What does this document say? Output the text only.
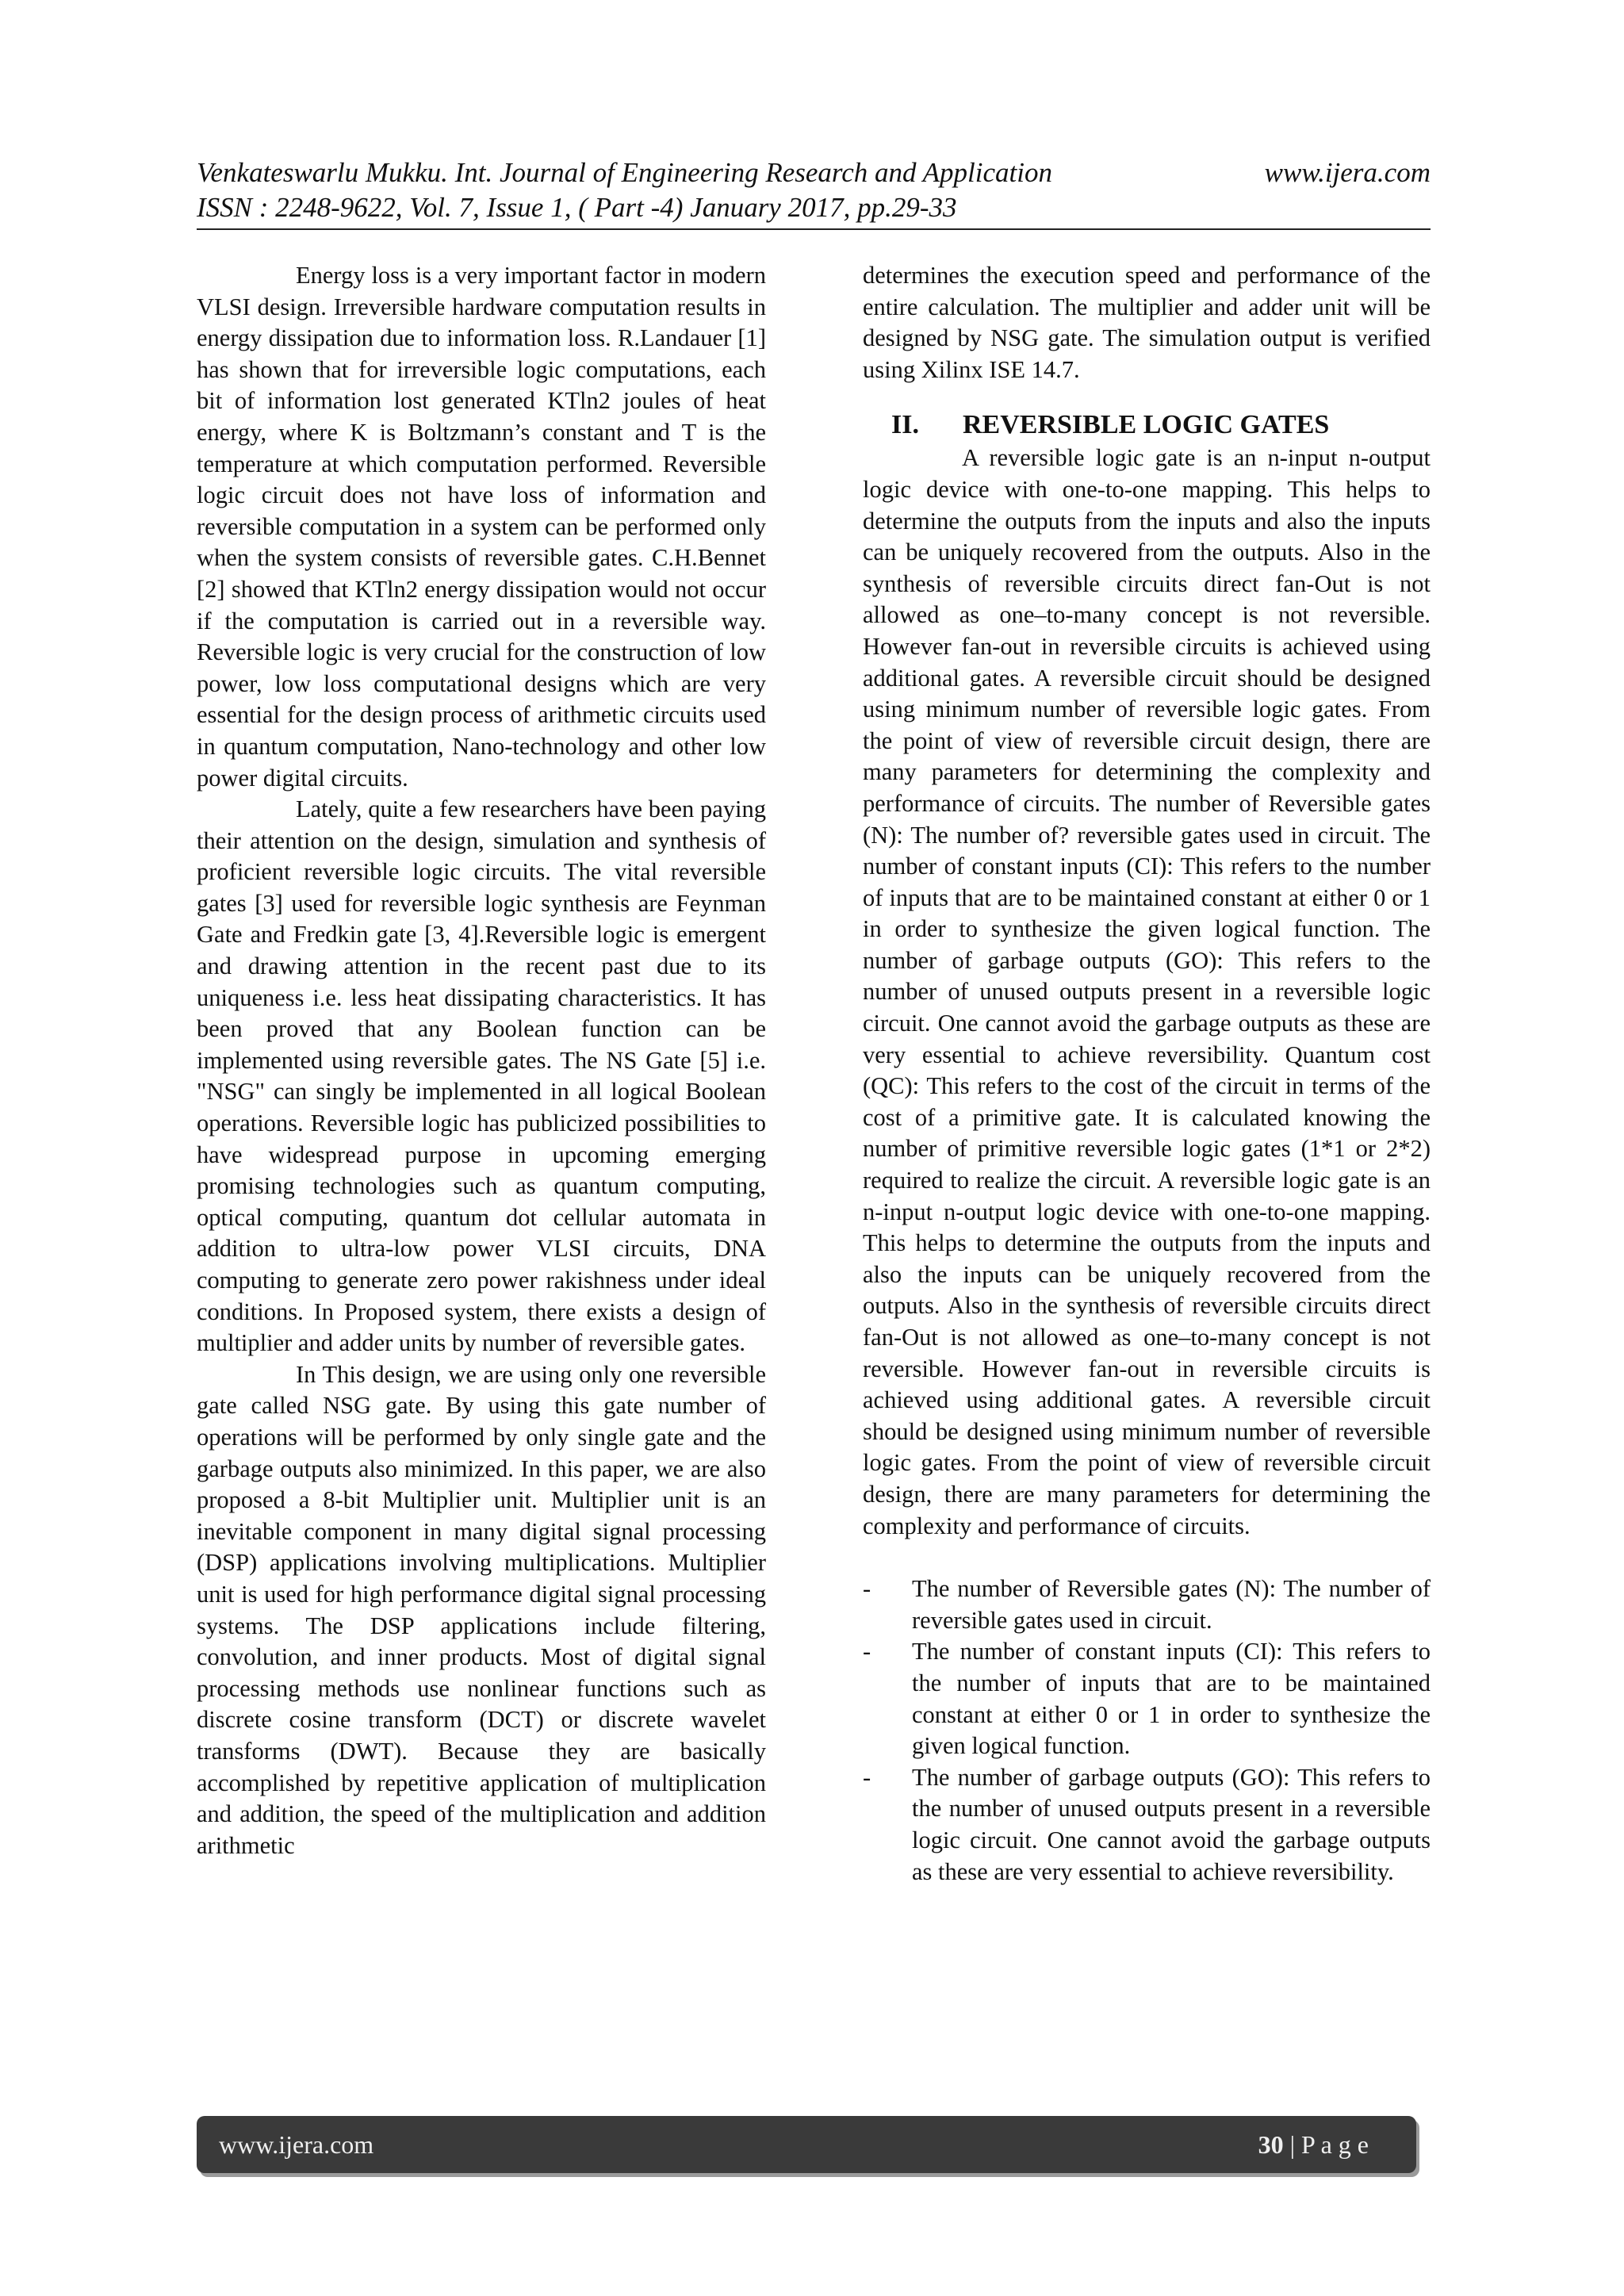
Venkateswarlu Mukku. Int. Journal of Engineering Research and Application	www.ijera.com
ISSN : 2248-9622, Vol. 7, Issue 1, ( Part -4) January 2017, pp.29-33

Energy loss is a very important factor in modern VLSI design. Irreversible hardware computation results in energy dissipation due to information loss. R.Landauer [1] has shown that for irreversible logic computations, each bit of information lost generated KTln2 joules of heat energy, where K is Boltzmann’s constant and T is the temperature at which computation performed. Reversible logic circuit does not have loss of information and reversible computation in a system can be performed only when the system consists of reversible gates. C.H.Bennet [2] showed that KTln2 energy dissipation would not occur if the computation is carried out in a reversible way. Reversible logic is very crucial for the construction of low power, low loss computational designs which are very essential for the design process of arithmetic circuits used in quantum computation, Nano-technology and other low power digital circuits.

Lately, quite a few researchers have been paying their attention on the design, simulation and synthesis of proficient reversible logic circuits. The vital reversible gates [3] used for reversible logic synthesis are Feynman Gate and Fredkin gate [3, 4].Reversible logic is emergent and drawing attention in the recent past due to its uniqueness i.e. less heat dissipating characteristics. It has been proved that any Boolean function can be implemented using reversible gates. The NS Gate [5] i.e. "NSG" can singly be implemented in all logical Boolean operations. Reversible logic has publicized possibilities to have widespread purpose in upcoming emerging promising technologies such as quantum computing, optical computing, quantum dot cellular automata in addition to ultra-low power VLSI circuits, DNA computing to generate zero power rakishness under ideal conditions. In Proposed system, there exists a design of multiplier and adder units by number of reversible gates.

In This design, we are using only one reversible gate called NSG gate. By using this gate number of operations will be performed by only single gate and the garbage outputs also minimized. In this paper, we are also proposed a 8-bit Multiplier unit. Multiplier unit is an inevitable component in many digital signal processing (DSP) applications involving multiplications. Multiplier unit is used for high performance digital signal processing systems. The DSP applications include filtering, convolution, and inner products. Most of digital signal processing methods use nonlinear functions such as discrete cosine transform (DCT) or discrete wavelet transforms (DWT). Because they are basically accomplished by repetitive application of multiplication and addition, the speed of the multiplication and addition arithmetic

determines the execution speed and performance of the entire calculation. The multiplier and adder unit will be designed by NSG gate. The simulation output is verified using Xilinx ISE 14.7.

II.	REVERSIBLE LOGIC GATES

A reversible logic gate is an n-input n-output logic device with one-to-one mapping. This helps to determine the outputs from the inputs and also the inputs can be uniquely recovered from the outputs. Also in the synthesis of reversible circuits direct fan-Out is not allowed as one–to-many concept is not reversible. However fan-out in reversible circuits is achieved using additional gates. A reversible circuit should be designed using minimum number of reversible logic gates. From the point of view of reversible circuit design, there are many parameters for determining the complexity and performance of circuits. The number of Reversible gates (N): The number of? reversible gates used in circuit. The number of constant inputs (CI): This refers to the number of inputs that are to be maintained constant at either 0 or 1 in order to synthesize the given logical function. The number of garbage outputs (GO): This refers to the number of unused outputs present in a reversible logic circuit. One cannot avoid the garbage outputs as these are very essential to achieve reversibility. Quantum cost (QC): This refers to the cost of the circuit in terms of the cost of a primitive gate. It is calculated knowing the number of primitive reversible logic gates (1*1 or 2*2) required to realize the circuit. A reversible logic gate is an n-input n-output logic device with one-to-one mapping. This helps to determine the outputs from the inputs and also the inputs can be uniquely recovered from the outputs. Also in the synthesis of reversible circuits direct fan-Out is not allowed as one–to-many concept is not reversible. However fan-out in reversible circuits is achieved using additional gates. A reversible circuit should be designed using minimum number of reversible logic gates. From the point of view of reversible circuit design, there are many parameters for determining the complexity and performance of circuits.

-	The number of Reversible gates (N): The number of reversible gates used in circuit.
-	The number of constant inputs (CI): This refers to the number of inputs that are to be maintained constant at either 0 or 1 in order to synthesize the given logical function.
-	The number of garbage outputs (GO): This refers to the number of unused outputs present in a reversible logic circuit. One cannot avoid the garbage outputs as these are very essential to achieve reversibility.
www.ijera.com	30 | P a g e
